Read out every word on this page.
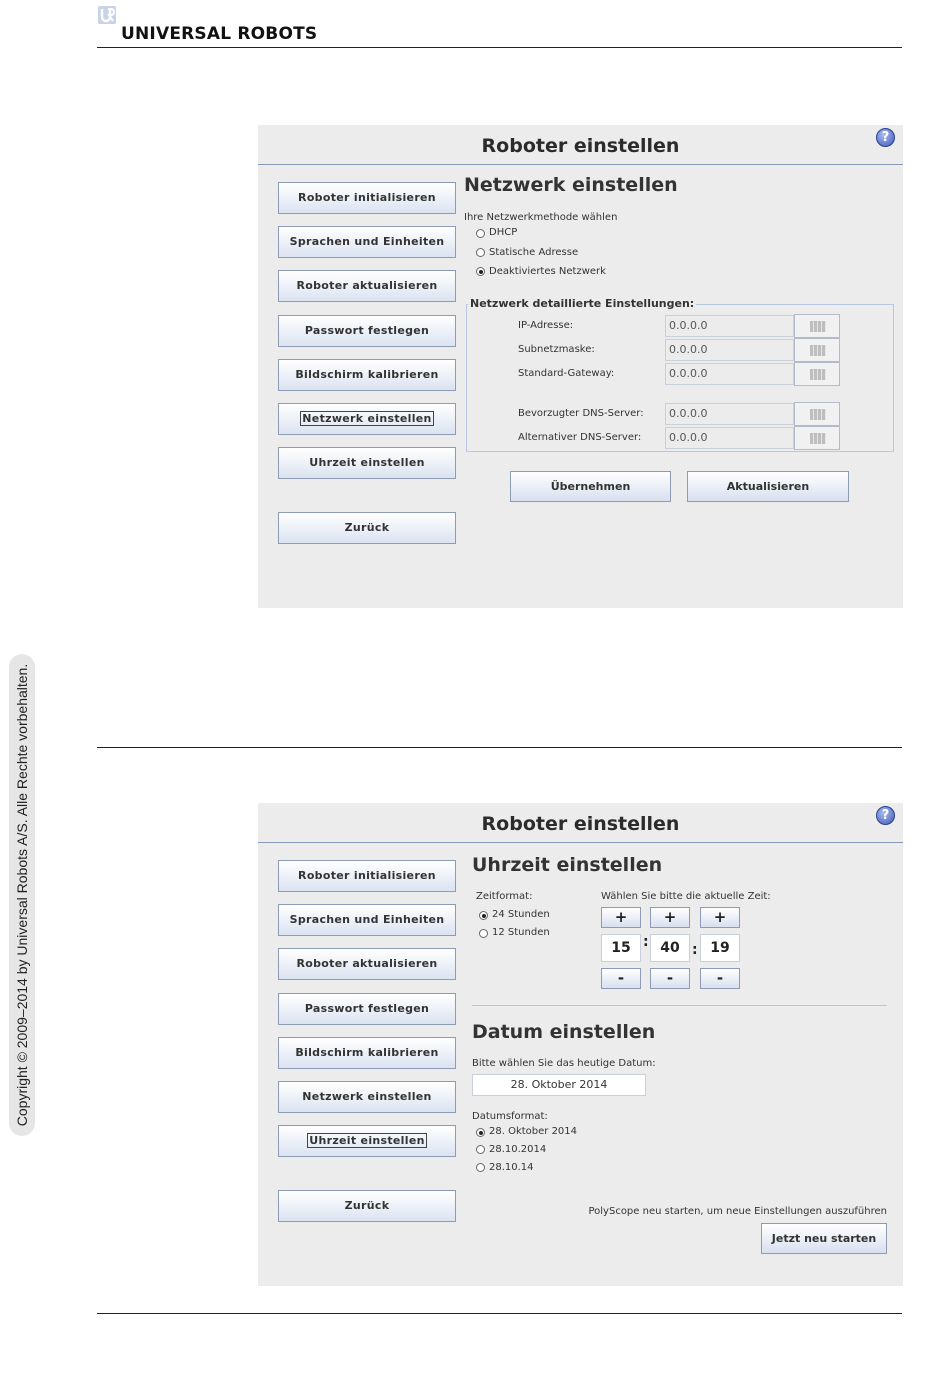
UNIVERSAL ROBOTS
Roboter einstellen	?
Roboter initialisieren
Sprachen und Einheiten
Roboter aktualisieren
Passwort festlegen
Bildschirm kalibrieren
Netzwerk einstellen
Uhrzeit einstellen
Zurück
Netzwerk einstellen
Ihre Netzwerkmethode wählen
DHCP
Statische Adresse
Deaktiviertes Netzwerk
Netzwerk detaillierte Einstellungen:
IP-Adresse:	0.0.0.0
Subnetzmaske:	0.0.0.0
Standard-Gateway:	0.0.0.0
Bevorzugter DNS-Server:	0.0.0.0
Alternativer DNS-Server:	0.0.0.0
Übernehmen	Aktualisieren
Copyright © 2009–2014 by Universal Robots A/S. Alle Rechte vorbehalten.	Roboter einstellen	?
Roboter initialisieren
Sprachen und Einheiten
Roboter aktualisieren
Passwort festlegen
Bildschirm kalibrieren
Netzwerk einstellen
Uhrzeit einstellen
Zurück
Uhrzeit einstellen
Zeitformat:
24 Stunden
12 Stunden
Wählen Sie bitte die aktuelle Zeit:
+	+	+
15 : 40 : 19
-	-	-
Datum einstellen
Bitte wählen Sie das heutige Datum:
28. Oktober 2014
Datumsformat:
28. Oktober 2014
28.10.2014
28.10.14
PolyScope neu starten, um neue Einstellungen auszuführen
Jetzt neu starten
